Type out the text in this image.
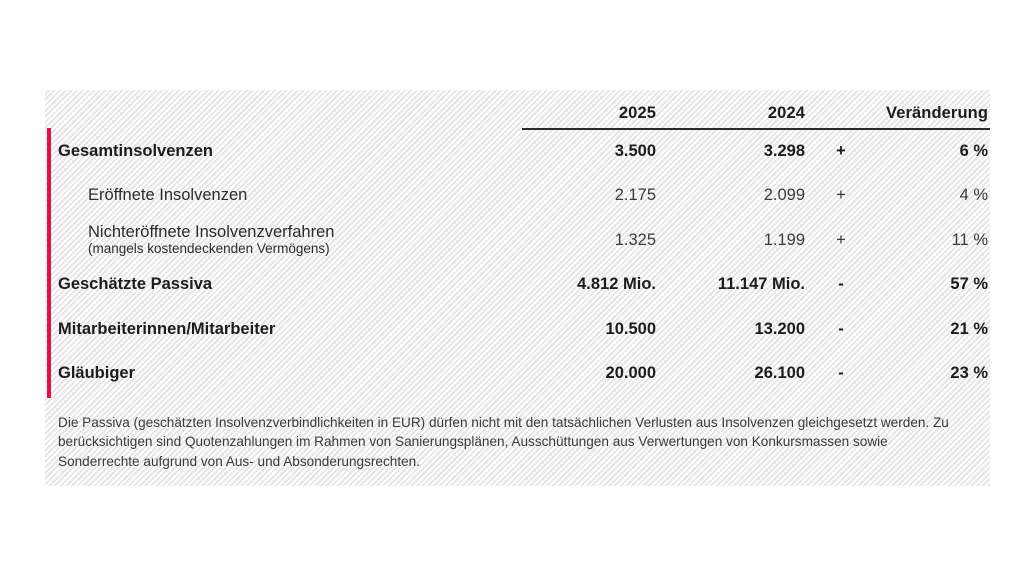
	2025	2024		Veränderung
Gesamtinsolvenzen	3.500	3.298	+	6 %
Eröffnete Insolvenzen	2.175	2.099	+	4 %

Nichteröffnete Insolvenzverfahren
(mangels kostendeckenden Vermögens)	1.325	1.199	+	11 %
Geschätzte Passiva	4.812 Mio.	11.147 Mio.	-	57 %
Mitarbeiterinnen/Mitarbeiter	10.500	13.200	-	21 %
Gläubiger	20.000	26.100	-	23 %

Die Passiva (geschätzten Insolvenzverbindlichkeiten in EUR) dürfen nicht mit den tatsächlichen Verlusten aus Insolvenzen gleichgesetzt werden. Zu berücksichtigen sind Quotenzahlungen im Rahmen von Sanierungsplänen, Ausschüttungen aus Verwertungen von Konkursmassen sowie Sonderrechte aufgrund von Aus- und Absonderungsrechten.
